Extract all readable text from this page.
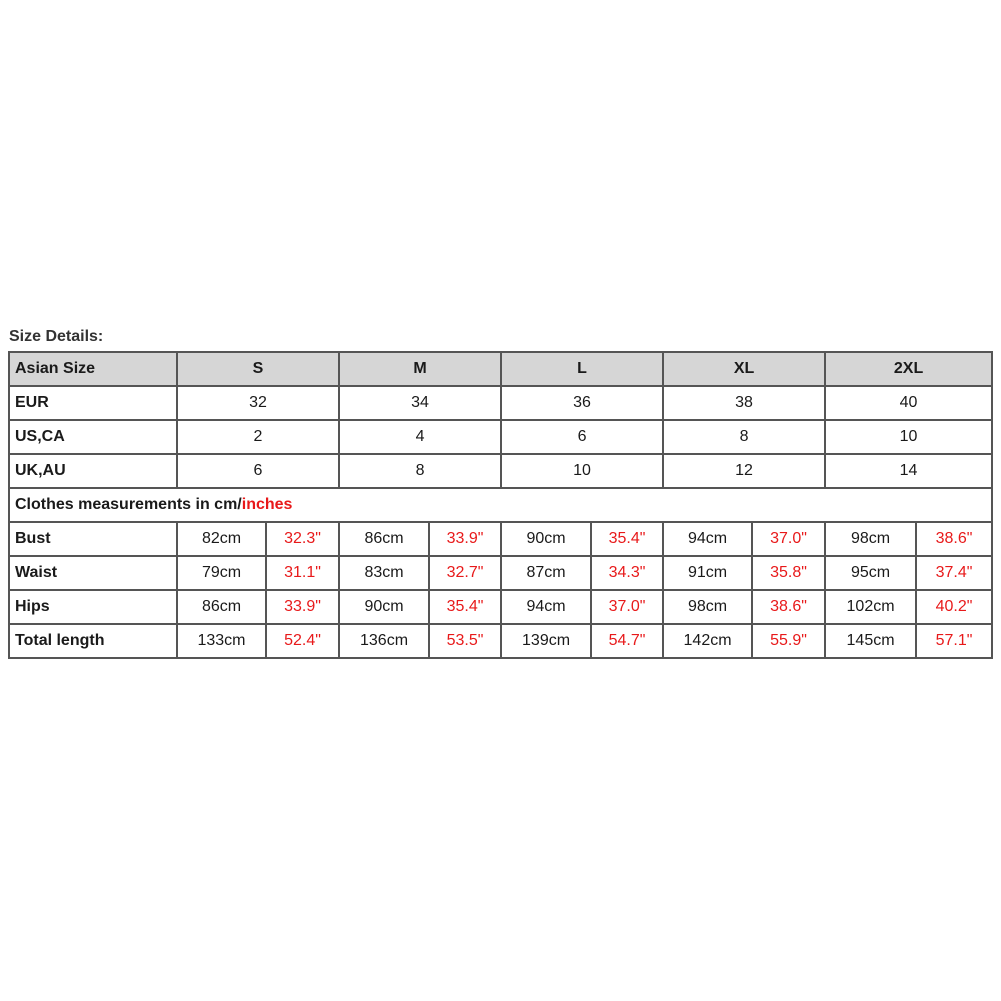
Size Details:
Asian Size	S		M		L		XL		2XL	
EUR	32		34		36		38		40	
US,CA	2		4		6		8		10	
UK,AU	6		8		10		12		14	
Clothes measurements in cm/inches										
Bust	82cm	32.3"	86cm	33.9"	90cm	35.4"	94cm	37.0"	98cm	38.6"
Waist	79cm	31.1"	83cm	32.7"	87cm	34.3"	91cm	35.8"	95cm	37.4"
Hips	86cm	33.9"	90cm	35.4"	94cm	37.0"	98cm	38.6"	102cm	40.2"
Total length	133cm	52.4"	136cm	53.5"	139cm	54.7"	142cm	55.9"	145cm	57.1"
